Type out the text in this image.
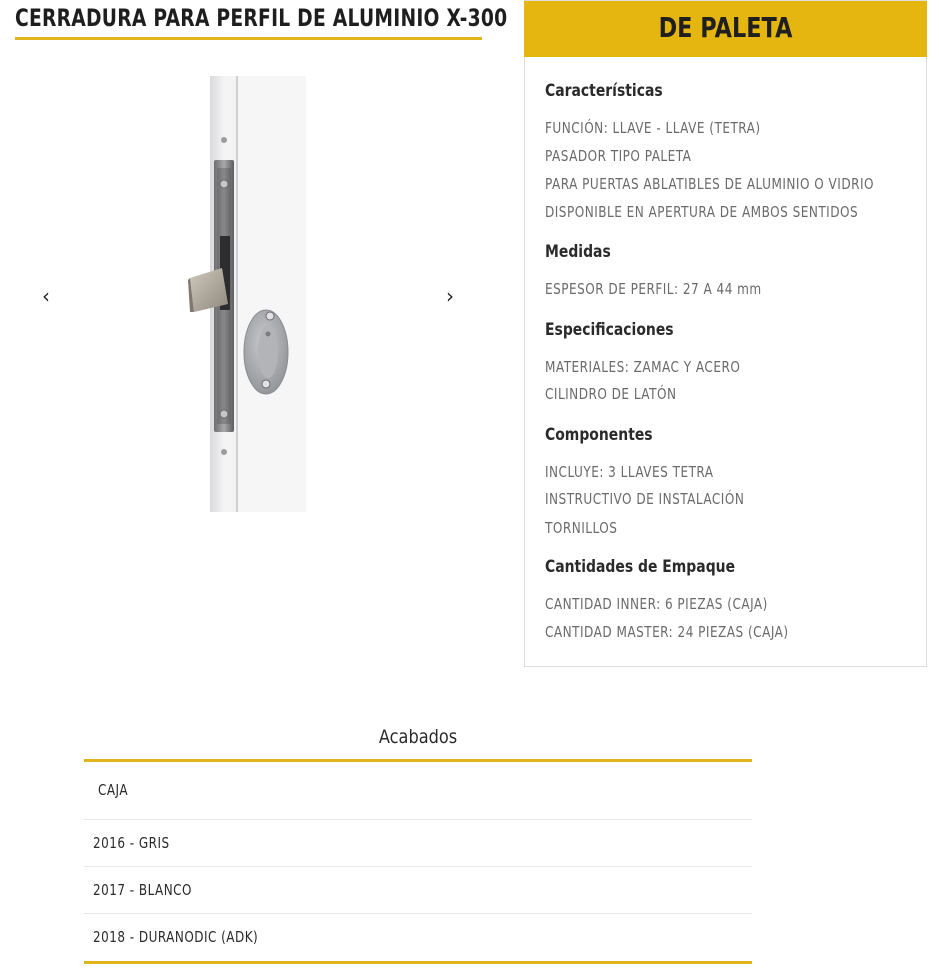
CERRADURA PARA PERFIL DE ALUMINIO X-300
‹	›
DE PALETA
Características
FUNCIÓN: LLAVE - LLAVE (TETRA)
PASADOR TIPO PALETA
PARA PUERTAS ABLATIBLES DE ALUMINIO O VIDRIO
DISPONIBLE EN APERTURA DE AMBOS SENTIDOS
Medidas
ESPESOR DE PERFIL: 27 A 44 mm
Especificaciones
MATERIALES: ZAMAC Y ACERO
CILINDRO DE LATÓN
Componentes
INCLUYE: 3 LLAVES TETRA
INSTRUCTIVO DE INSTALACIÓN
TORNILLOS
Cantidades de Empaque
CANTIDAD INNER: 6 PIEZAS (CAJA)
CANTIDAD MASTER: 24 PIEZAS (CAJA)
Acabados
CAJA
2016 - GRIS
2017 - BLANCO
2018 - DURANODIC (ADK)
